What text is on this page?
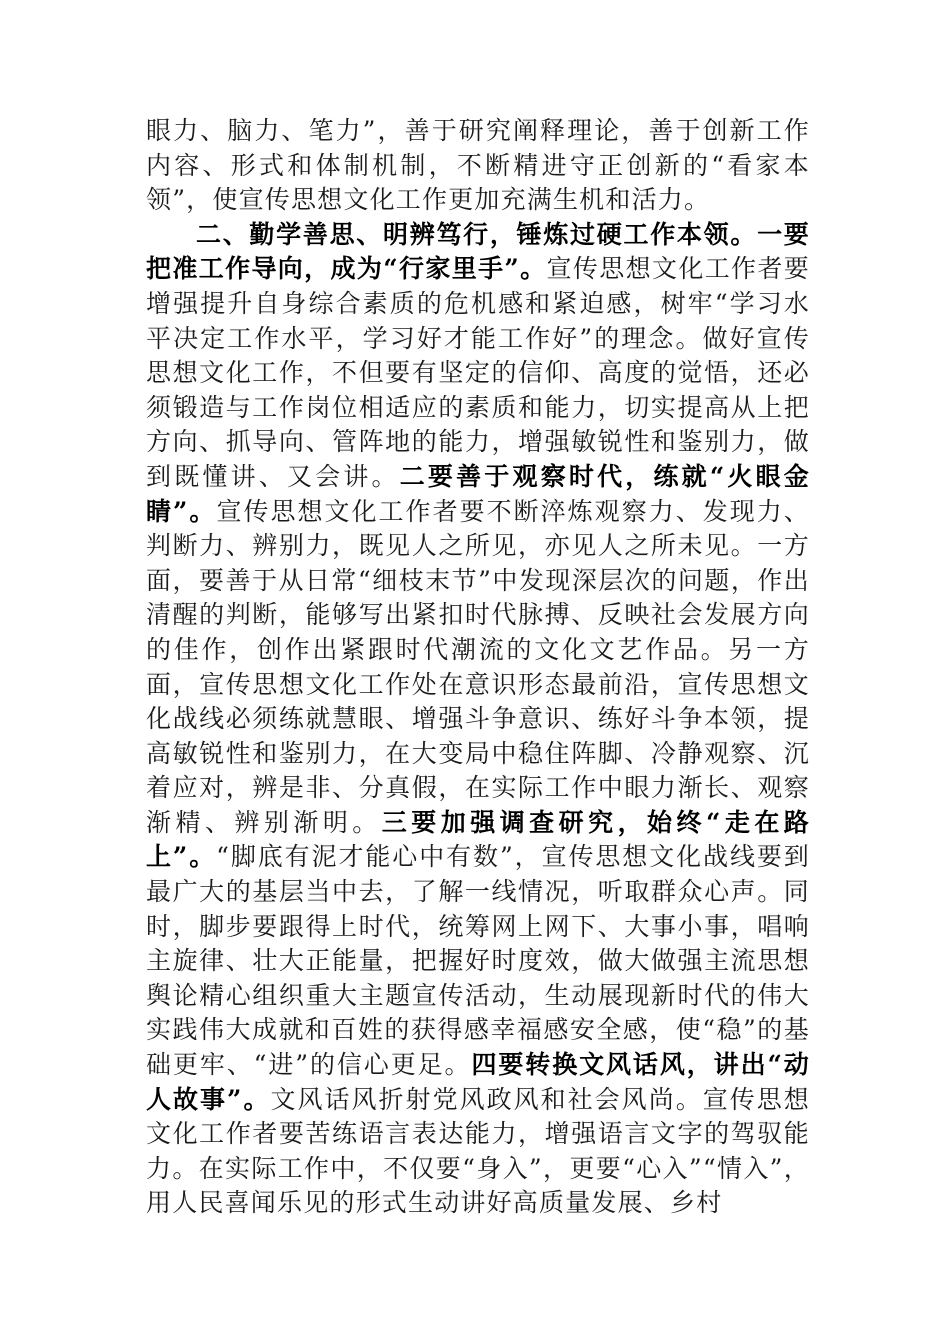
眼力、脑力、笔力”，善于研究阐释理论，善于创新工作内容、形式和体制机制，不断精进守正创新的“看家本领”，使宣传思想文化工作更加充满生机和活力。

二、勤学善思、明辨笃行，锤炼过硬工作本领。一要把准工作导向，成为“行家里手”。宣传思想文化工作者要增强提升自身综合素质的危机感和紧迫感，树牢“学习水平决定工作水平，学习好才能工作好”的理念。做好宣传思想文化工作，不但要有坚定的信仰、高度的觉悟，还必须锻造与工作岗位相适应的素质和能力，切实提高从上把方向、抓导向、管阵地的能力，增强敏锐性和鉴别力，做到既懂讲、又会讲。二要善于观察时代，练就“火眼金睛”。宣传思想文化工作者要不断淬炼观察力、发现力、判断力、辨别力，既见人之所见，亦见人之所未见。一方面，要善于从日常“细枝末节”中发现深层次的问题，作出清醒的判断，能够写出紧扣时代脉搏、反映社会发展方向的佳作，创作出紧跟时代潮流的文化文艺作品。另一方面，宣传思想文化工作处在意识形态最前沿，宣传思想文化战线必须练就慧眼、增强斗争意识、练好斗争本领，提高敏锐性和鉴别力，在大变局中稳住阵脚、冷静观察、沉着应对，辨是非、分真假，在实际工作中眼力渐长、观察渐精、辨别渐明。三要加强调查研究，始终“走在路上”。“脚底有泥才能心中有数”，宣传思想文化战线要到最广大的基层当中去，了解一线情况，听取群众心声。同时，脚步要跟得上时代，统筹网上网下、大事小事，唱响主旋律、壮大正能量，把握好时度效，做大做强主流思想舆论精心组织重大主题宣传活动，生动展现新时代的伟大实践伟大成就和百姓的获得感幸福感安全感，使“稳”的基础更牢、“进”的信心更足。四要转换文风话风，讲出“动人故事”。文风话风折射党风政风和社会风尚。宣传思想文化工作者要苦练语言表达能力，增强语言文字的驾驭能力。在实际工作中，不仅要“身入”，更要“心入”“情入”，用人民喜闻乐见的形式生动讲好高质量发展、乡村
